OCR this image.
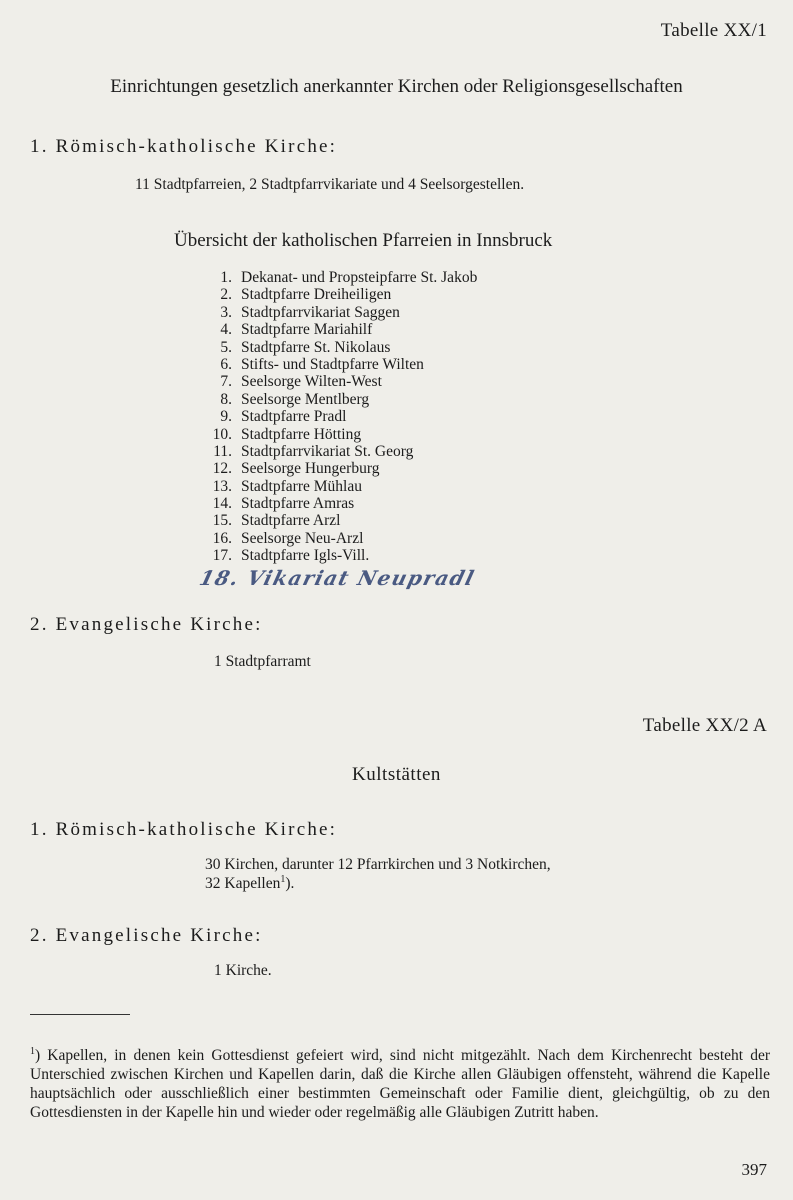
Tabelle XX/1
Einrichtungen gesetzlich anerkannter Kirchen oder Religionsgesellschaften
1. Römisch-katholische Kirche:
11 Stadtpfarreien, 2 Stadtpfarrvikariate und 4 Seelsorgestellen.
Übersicht der katholischen Pfarreien in Innsbruck
1. Dekanat- und Propsteipfarre St. Jakob
2. Stadtpfarre Dreiheiligen
3. Stadtpfarrvikariat Saggen
4. Stadtpfarre Mariahilf
5. Stadtpfarre St. Nikolaus
6. Stifts- und Stadtpfarre Wilten
7. Seelsorge Wilten-West
8. Seelsorge Mentlberg
9. Stadtpfarre Pradl
10. Stadtpfarre Hötting
11. Stadtpfarrvikariat St. Georg
12. Seelsorge Hungerburg
13. Stadtpfarre Mühlau
14. Stadtpfarre Amras
15. Stadtpfarre Arzl
16. Seelsorge Neu-Arzl
17. Stadtpfarre Igls-Vill.
18. Vikariat Neupradl
2. Evangelische Kirche:
1 Stadtpfarramt
Tabelle XX/2 A
Kultstätten
1. Römisch-katholische Kirche:
30 Kirchen, darunter 12 Pfarrkirchen und 3 Notkirchen,
32 Kapellen$^1$).
2. Evangelische Kirche:
1 Kirche.
$^1$) Kapellen, in denen kein Gottesdienst gefeiert wird, sind nicht mitgezählt. Nach dem Kirchenrecht besteht der Unterschied zwischen Kirchen und Kapellen darin, daß die Kirche allen Gläubigen offensteht, während die Kapelle hauptsächlich oder ausschließlich einer bestimmten Gemeinschaft oder Familie dient, gleichgültig, ob zu den Gottesdiensten in der Kapelle hin und wieder oder regelmäßig alle Gläubigen Zutritt haben.
397
